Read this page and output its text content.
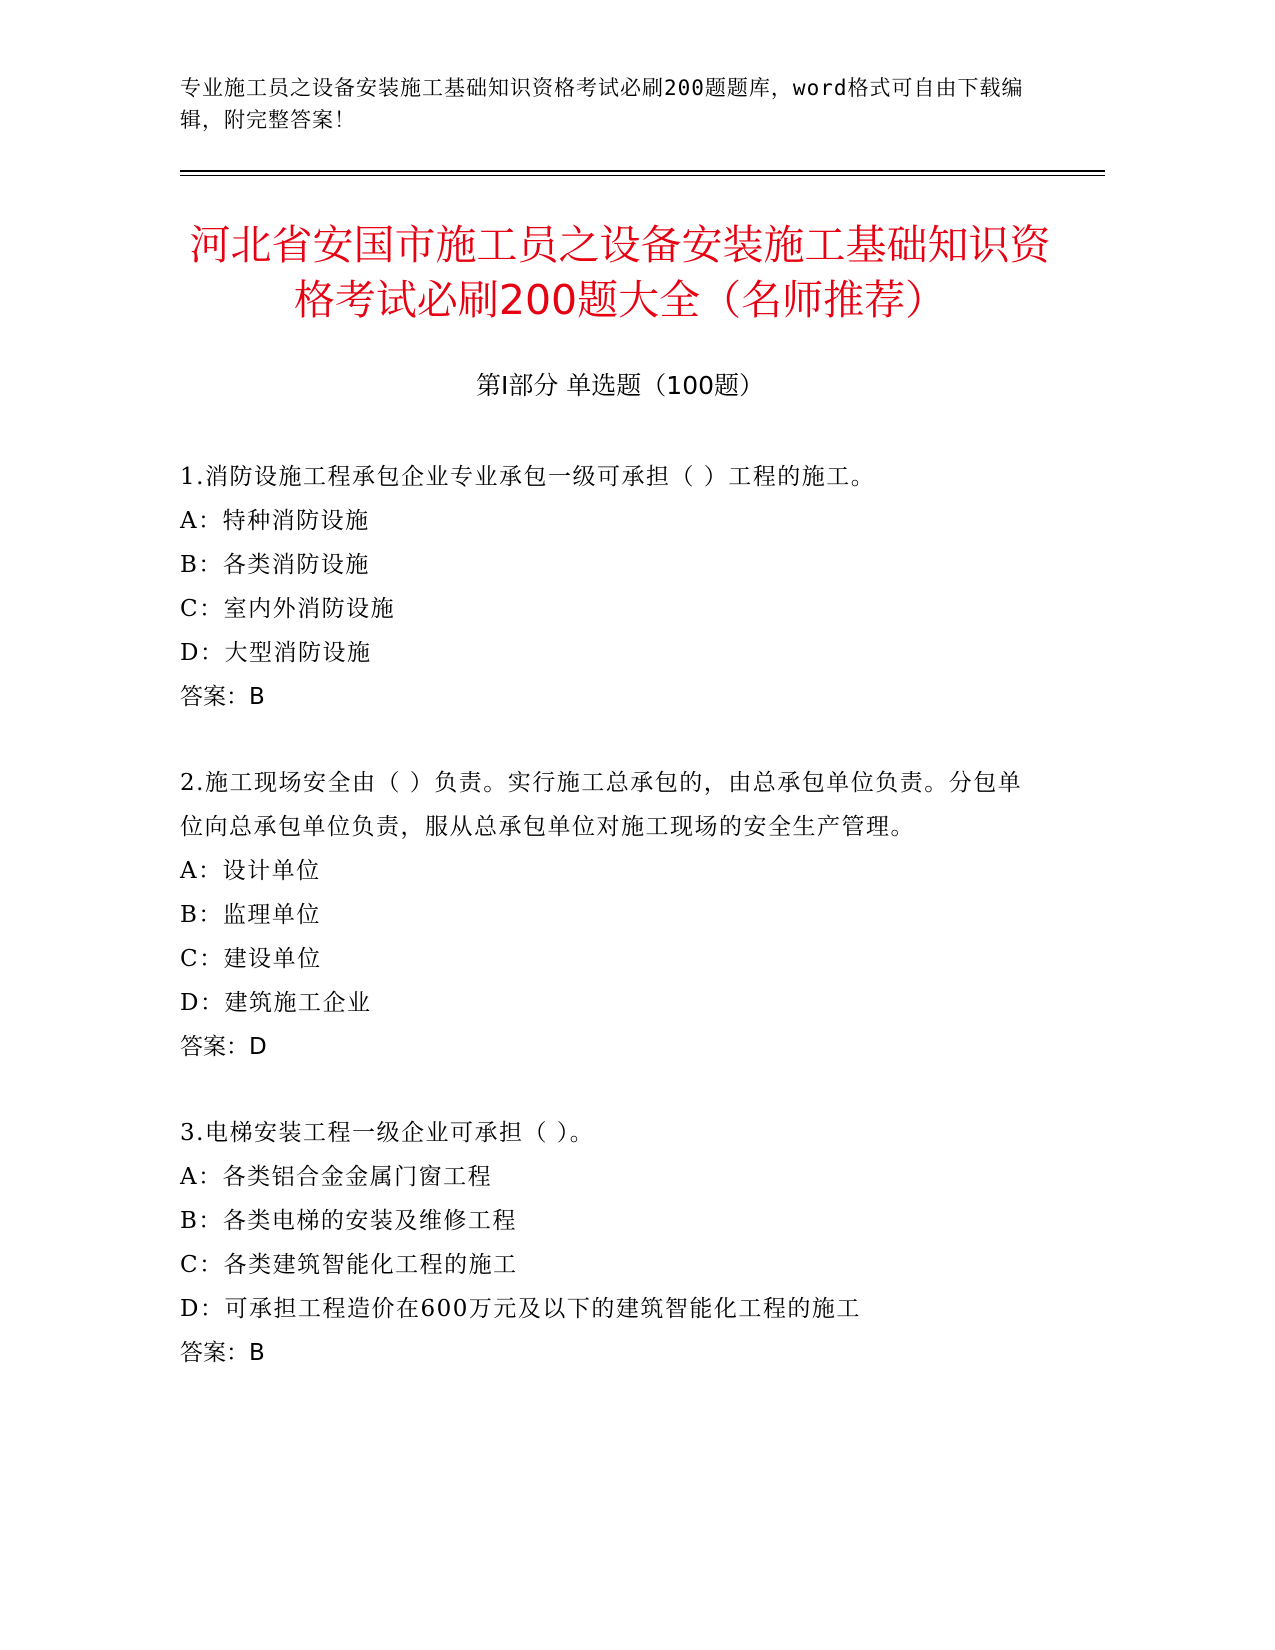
专业施工员之设备安装施工基础知识资格考试必刷200题题库，word格式可自由下载编辑，附完整答案！
河北省安国市施工员之设备安装施工基础知识资格考试必刷200题大全（名师推荐）
第Ⅰ部分 单选题（100题）
1.消防设施工程承包企业专业承包一级可承担（ ）工程的施工。
A：特种消防设施
B：各类消防设施
C：室内外消防设施
D：大型消防设施
答案：B
2.施工现场安全由（ ）负责。实行施工总承包的，由总承包单位负责。分包单位向总承包单位负责，服从总承包单位对施工现场的安全生产管理。
A：设计单位
B：监理单位
C：建设单位
D：建筑施工企业
答案：D
3.电梯安装工程一级企业可承担（ ）。
A：各类铝合金金属门窗工程
B：各类电梯的安装及维修工程
C：各类建筑智能化工程的施工
D：可承担工程造价在600万元及以下的建筑智能化工程的施工
答案：B
